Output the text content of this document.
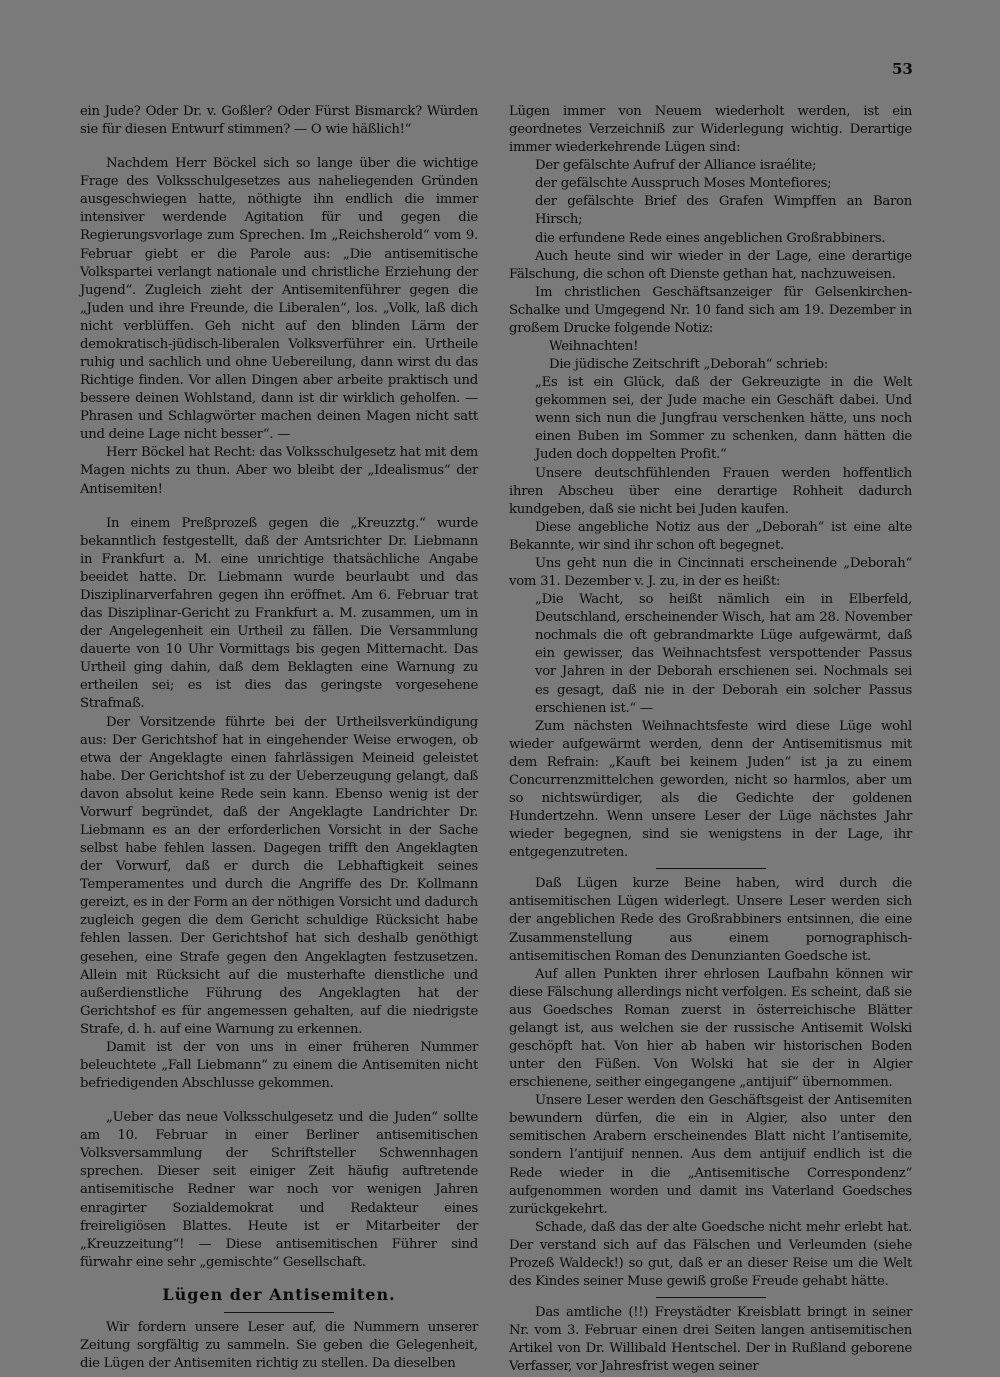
53

ein Jude? Oder Dr. v. Goßler? Oder Fürst Bismarck? Würden sie für diesen Entwurf stimmen? — O wie häßlich!“

Nachdem Herr Böckel sich so lange über die wichtige Frage des Volksschulgesetzes aus naheliegenden Gründen ausgeschwiegen hatte, nöthigte ihn endlich die immer intensiver werdende Agitation für und gegen die Regierungsvorlage zum Sprechen. Im „Reichsherold“ vom 9. Februar giebt er die Parole aus: „Die antisemitische Volkspartei verlangt nationale und christliche Erziehung der Jugend“. Zugleich zieht der Antisemitenführer gegen die „Juden und ihre Freunde, die Liberalen“, los. „Volk, laß dich nicht verblüffen. Geh nicht auf den blinden Lärm der demokratisch-jüdisch-liberalen Volksverführer ein. Urtheile ruhig und sachlich und ohne Uebereilung, dann wirst du das Richtige finden. Vor allen Dingen aber arbeite praktisch und bessere deinen Wohlstand, dann ist dir wirklich geholfen. — Phrasen und Schlagwörter machen deinen Magen nicht satt und deine Lage nicht besser“. —

Herr Böckel hat Recht: das Volksschulgesetz hat mit dem Magen nichts zu thun. Aber wo bleibt der „Idealismus“ der Antisemiten!

In einem Preßprozeß gegen die „Kreuzztg.“ wurde bekanntlich festgestellt, daß der Amtsrichter Dr. Liebmann in Frankfurt a. M. eine unrichtige thatsächliche Angabe beeidet hatte. Dr. Liebmann wurde beurlaubt und das Disziplinarverfahren gegen ihn eröffnet. Am 6. Februar trat das Disziplinar-Gericht zu Frankfurt a. M. zusammen, um in der Angelegenheit ein Urtheil zu fällen. Die Versammlung dauerte von 10 Uhr Vormittags bis gegen Mitternacht. Das Urtheil ging dahin, daß dem Beklagten eine Warnung zu ertheilen sei; es ist dies das geringste vorgesehene Strafmaß.

Der Vorsitzende führte bei der Urtheilsverkündigung aus: Der Gerichtshof hat in eingehender Weise erwogen, ob etwa der Angeklagte einen fahrlässigen Meineid geleistet habe. Der Gerichtshof ist zu der Ueberzeugung gelangt, daß davon absolut keine Rede sein kann. Ebenso wenig ist der Vorwurf begründet, daß der Angeklagte Landrichter Dr. Liebmann es an der erforderlichen Vorsicht in der Sache selbst habe fehlen lassen. Dagegen trifft den Angeklagten der Vorwurf, daß er durch die Lebhaftigkeit seines Temperamentes und durch die Angriffe des Dr. Kollmann gereizt, es in der Form an der nöthigen Vorsicht und dadurch zugleich gegen die dem Gericht schuldige Rücksicht habe fehlen lassen. Der Gerichtshof hat sich deshalb genöthigt gesehen, eine Strafe gegen den Angeklagten festzusetzen. Allein mit Rücksicht auf die musterhafte dienstliche und außerdienstliche Führung des Angeklagten hat der Gerichtshof es für angemessen gehalten, auf die niedrigste Strafe, d. h. auf eine Warnung zu erkennen.

Damit ist der von uns in einer früheren Nummer beleuchtete „Fall Liebmann“ zu einem die Antisemiten nicht befriedigenden Abschlusse gekommen.

„Ueber das neue Volksschulgesetz und die Juden“ sollte am 10. Februar in einer Berliner antisemitischen Volksversammlung der Schriftsteller Schwennhagen sprechen. Dieser seit einiger Zeit häufig auftretende antisemitische Redner war noch vor wenigen Jahren enragirter Sozialdemokrat und Redakteur eines freireligiösen Blattes. Heute ist er Mitarbeiter der „Kreuzzeitung“! — Diese antisemitischen Führer sind fürwahr eine sehr „gemischte“ Gesellschaft.

Lügen der Antisemiten.

Wir fordern unsere Leser auf, die Nummern unserer Zeitung sorgfältig zu sammeln. Sie geben die Gelegenheit, die Lügen der Antisemiten richtig zu stellen. Da dieselben

Lügen immer von Neuem wiederholt werden, ist ein geordnetes Verzeichniß zur Widerlegung wichtig. Derartige immer wiederkehrende Lügen sind:

Der gefälschte Aufruf der Alliance israélite;

der gefälschte Ausspruch Moses Montefiores;

der gefälschte Brief des Grafen Wimpffen an Baron Hirsch;

die erfundene Rede eines angeblichen Großrabbiners.

Auch heute sind wir wieder in der Lage, eine derartige Fälschung, die schon oft Dienste gethan hat, nachzuweisen.

Im christlichen Geschäftsanzeiger für Gelsenkirchen-Schalke und Umgegend Nr. 10 fand sich am 19. Dezember in großem Drucke folgende Notiz:

Weihnachten!

Die jüdische Zeitschrift „Deborah“ schrieb:

„Es ist ein Glück, daß der Gekreuzigte in die Welt gekommen sei, der Jude mache ein Geschäft dabei. Und wenn sich nun die Jungfrau verschenken hätte, uns noch einen Buben im Sommer zu schenken, dann hätten die Juden doch doppelten Profit.“

Unsere deutschfühlenden Frauen werden hoffentlich ihren Abscheu über eine derartige Rohheit dadurch kundgeben, daß sie nicht bei Juden kaufen.

Diese angebliche Notiz aus der „Deborah“ ist eine alte Bekannte, wir sind ihr schon oft begegnet.

Uns geht nun die in Cincinnati erscheinende „Deborah“ vom 31. Dezember v. J. zu, in der es heißt:

„Die Wacht, so heißt nämlich ein in Elberfeld, Deutschland, erscheinender Wisch, hat am 28. November nochmals die oft gebrandmarkte Lüge aufgewärmt, daß ein gewisser, das Weihnachtsfest verspottender Passus vor Jahren in der Deborah erschienen sei. Nochmals sei es gesagt, daß nie in der Deborah ein solcher Passus erschienen ist.“ —

Zum nächsten Weihnachtsfeste wird diese Lüge wohl wieder aufgewärmt werden, denn der Antisemitismus mit dem Refrain: „Kauft bei keinem Juden“ ist ja zu einem Concurrenzmittelchen geworden, nicht so harmlos, aber um so nichtswürdiger, als die Gedichte der goldenen Hundertzehn. Wenn unsere Leser der Lüge nächstes Jahr wieder begegnen, sind sie wenigstens in der Lage, ihr entgegenzutreten.

Daß Lügen kurze Beine haben, wird durch die antisemitischen Lügen widerlegt. Unsere Leser werden sich der angeblichen Rede des Großrabbiners entsinnen, die eine Zusammenstellung aus einem pornographisch-antisemitischen Roman des Denunzianten Goedsche ist.

Auf allen Punkten ihrer ehrlosen Laufbahn können wir diese Fälschung allerdings nicht verfolgen. Es scheint, daß sie aus Goedsches Roman zuerst in österreichische Blätter gelangt ist, aus welchen sie der russische Antisemit Wolski geschöpft hat. Von hier ab haben wir historischen Boden unter den Füßen. Von Wolski hat sie der in Algier erschienene, seither eingegangene „antijuif“ übernommen.

Unsere Leser werden den Geschäftsgeist der Antisemiten bewundern dürfen, die ein in Algier, also unter den semitischen Arabern erscheinendes Blatt nicht l’antisemite, sondern l’antijuif nennen. Aus dem antijuif endlich ist die Rede wieder in die „Antisemitische Correspondenz“ aufgenommen worden und damit ins Vaterland Goedsches zurückgekehrt.

Schade, daß das der alte Goedsche nicht mehr erlebt hat. Der verstand sich auf das Fälschen und Verleumden (siehe Prozeß Waldeck!) so gut, daß er an dieser Reise um die Welt des Kindes seiner Muse gewiß große Freude gehabt hätte.

Das amtliche (!!) Freystädter Kreisblatt bringt in seiner Nr. vom 3. Februar einen drei Seiten langen antisemitischen Artikel von Dr. Willibald Hentschel. Der in Rußland geborene Verfasser, vor Jahresfrist wegen seiner
